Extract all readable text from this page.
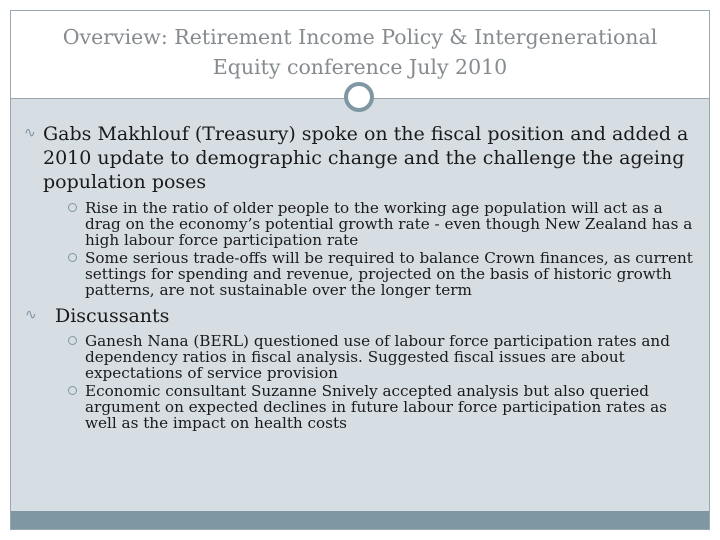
Overview: Retirement Income Policy & Intergenerational
Equity conference July 2010
∿ Gabs Makhlouf (Treasury) spoke on the fiscal position and added a 2010 update to demographic change and the challenge the ageing population poses
Rise in the ratio of older people to the working age population will act as a drag on the economy’s potential growth rate - even though New Zealand has a high labour force participation rate
Some serious trade-offs will be required to balance Crown finances, as current settings for spending and revenue, projected on the basis of historic growth patterns, are not sustainable over the longer term
∿ Discussants
Ganesh Nana (BERL) questioned use of labour force participation rates and dependency ratios in fiscal analysis. Suggested fiscal issues are about expectations of service provision
Economic consultant Suzanne Snively accepted analysis but also queried argument on expected declines in future labour force participation rates as well as the impact on health costs
